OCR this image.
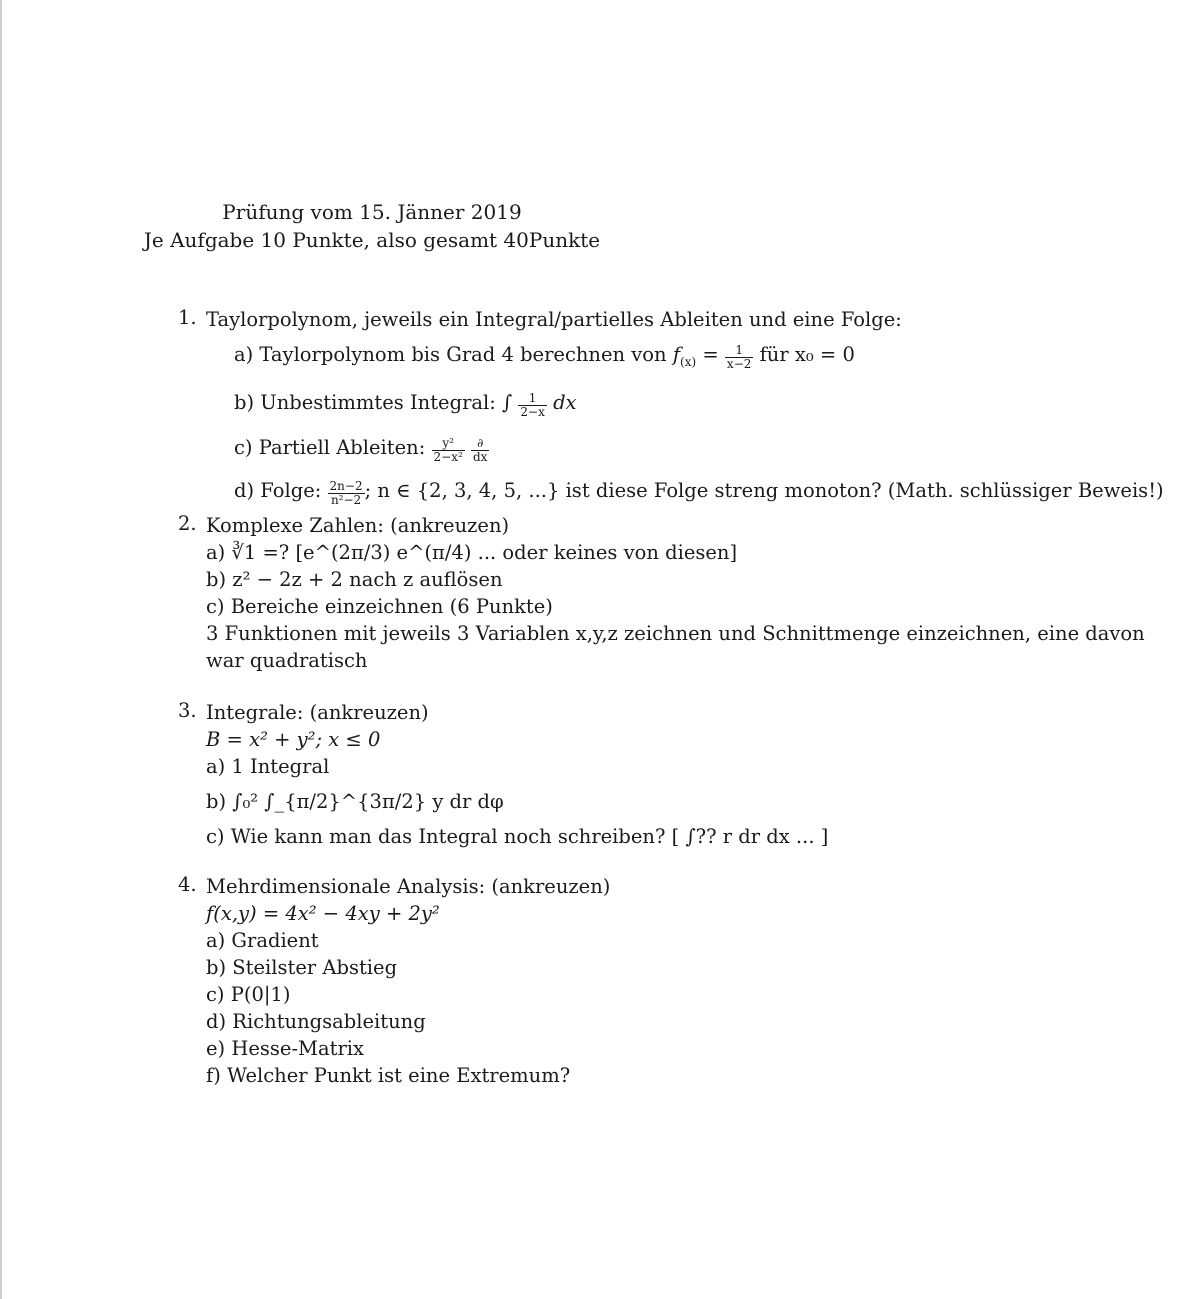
Prüfung vom 15. Jänner 2019
Je Aufgabe 10 Punkte, also gesamt 40Punkte
1. Taylorpolynom, jeweils ein Integral/partielles Ableiten und eine Folge:
a) Taylorpolynom bis Grad 4 berechnen von $f_{(x)} = \frac{1}{x-2}$ für x₀ = 0
b) Unbestimmtes Integral: ∫ $\frac{1}{2-x}$ dx
c) Partiell Ableiten: $\frac{\text{y²}}{\text{2−x²}}$
$\frac{\partial}{dx}$
d) Folge: $\frac{2n-2}{\text{n²−2}}$ ; n ∈ {2, 3, 4, 5, ...} ist diese Folge streng monoton? (Math. schlüssiger Beweis!)
2. Komplexe Zahlen: (ankreuzen)
a) ∛1 =? [e^(2π/3) e^(π/4) ... oder keines von diesen]
b) z² − 2z + 2 nach z auflösen
c) Bereiche einzeichnen (6 Punkte)
3 Funktionen mit jeweils 3 Variablen x,y,z zeichnen und Schnittmenge einzeichnen, eine davon war quadratisch
3. Integrale: (ankreuzen)
B = x² + y²; x ≤ 0
a) 1 Integral
b) ∫₀² ∫_{π/2}^{3π/2} y dr dφ
c) Wie kann man das Integral noch schreiben? [ ∫?? r dr dx ... ]
4. Mehrdimensionale Analysis: (ankreuzen)
f(x,y) = 4x² − 4xy + 2y²
a) Gradient
b) Steilster Abstieg
c) P(0|1)
d) Richtungsableitung
e) Hesse-Matrix
f) Welcher Punkt ist eine Extremum?
